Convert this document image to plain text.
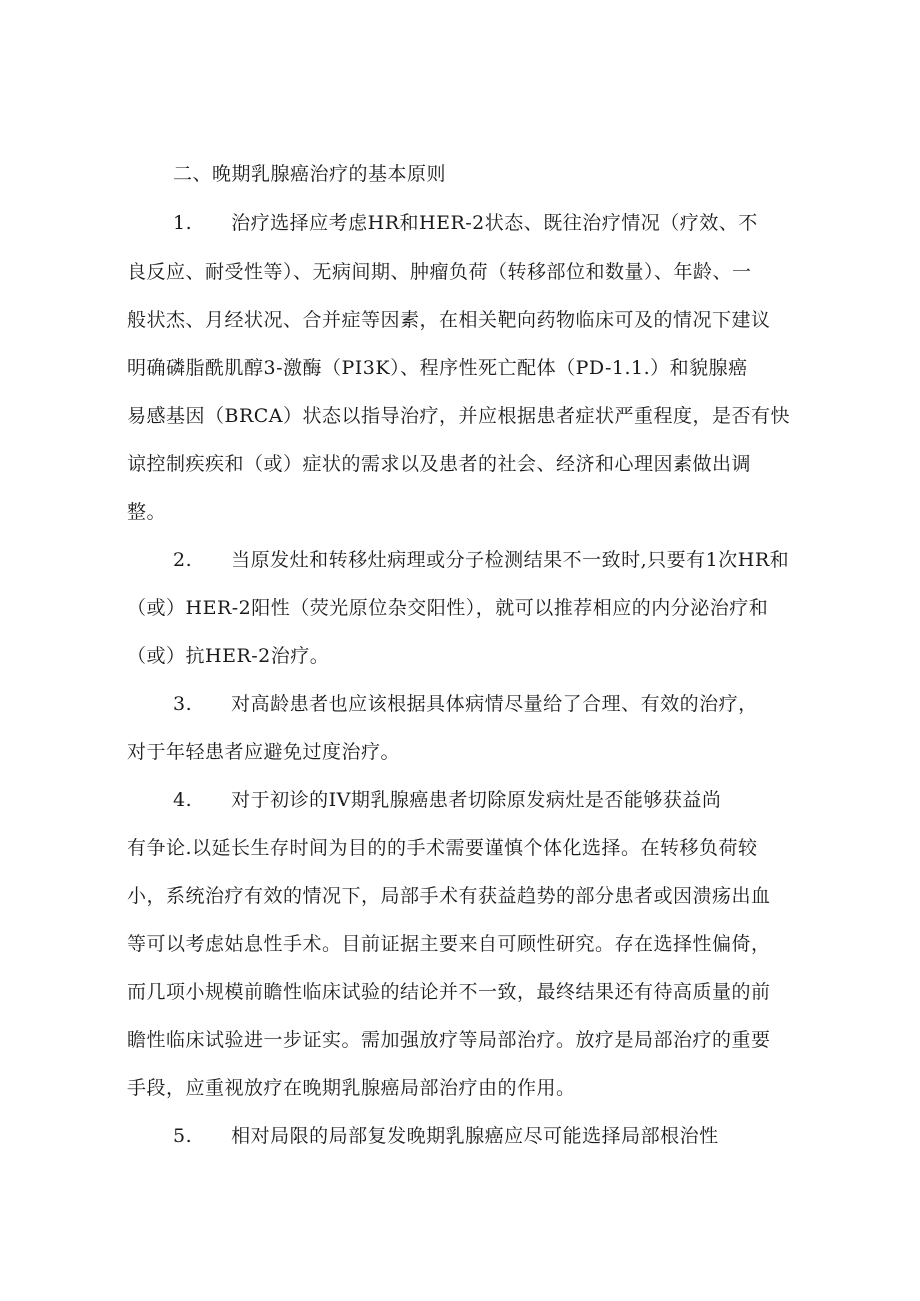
二、晚期乳腺癌治疗的基本原则
1.　　治疗选择应考虑HR和HER-2状态、既往治疗情况（疗效、不
良反应、耐受性等）、无病间期、肿瘤负荷（转移部位和数量）、年龄、一
般状杰、月经状况、合并症等因素，在相关靶向药物临床可及的情况下建议
明确磷脂酰肌醇3-激酶（PI3K）、程序性死亡配体（PD-1.1.）和貌腺癌
易感基因（BRCA）状态以指导治疗，并应根据患者症状严重程度，是否有快
谅控制疾疾和（或）症状的需求以及患者的社会、经济和心理因素做出调
整。
2.　　当原发灶和转移灶病理或分子检测结果不一致时,只要有1次HR和
（或）HER-2阳性（荧光原位杂交阳性），就可以推荐相应的内分泌治疗和
（或）抗HER-2治疗。
3.　　对高龄患者也应该根据具体病情尽量给了合理、有效的治疗，
对于年轻患者应避免过度治疗。
4.　　对于初诊的IV期乳腺癌患者切除原发病灶是否能够获益尚
有争论.以延长生存时间为目的的手术需要谨慎个体化选择。在转移负荷较
小，系统治疗有效的情况下，局部手术有获益趋势的部分患者或因溃疡出血
等可以考虑姑息性手术。目前证据主要来自可顾性研究。存在选择性偏倚，
而几项小规模前瞻性临床试验的结论并不一致，最终结果还有待高质量的前
瞻性临床试验进一步证实。需加强放疗等局部治疗。放疗是局部治疗的重要
手段，应重视放疗在晚期乳腺癌局部治疗由的作用。
5.　　相对局限的局部复发晚期乳腺癌应尽可能选择局部根治性
